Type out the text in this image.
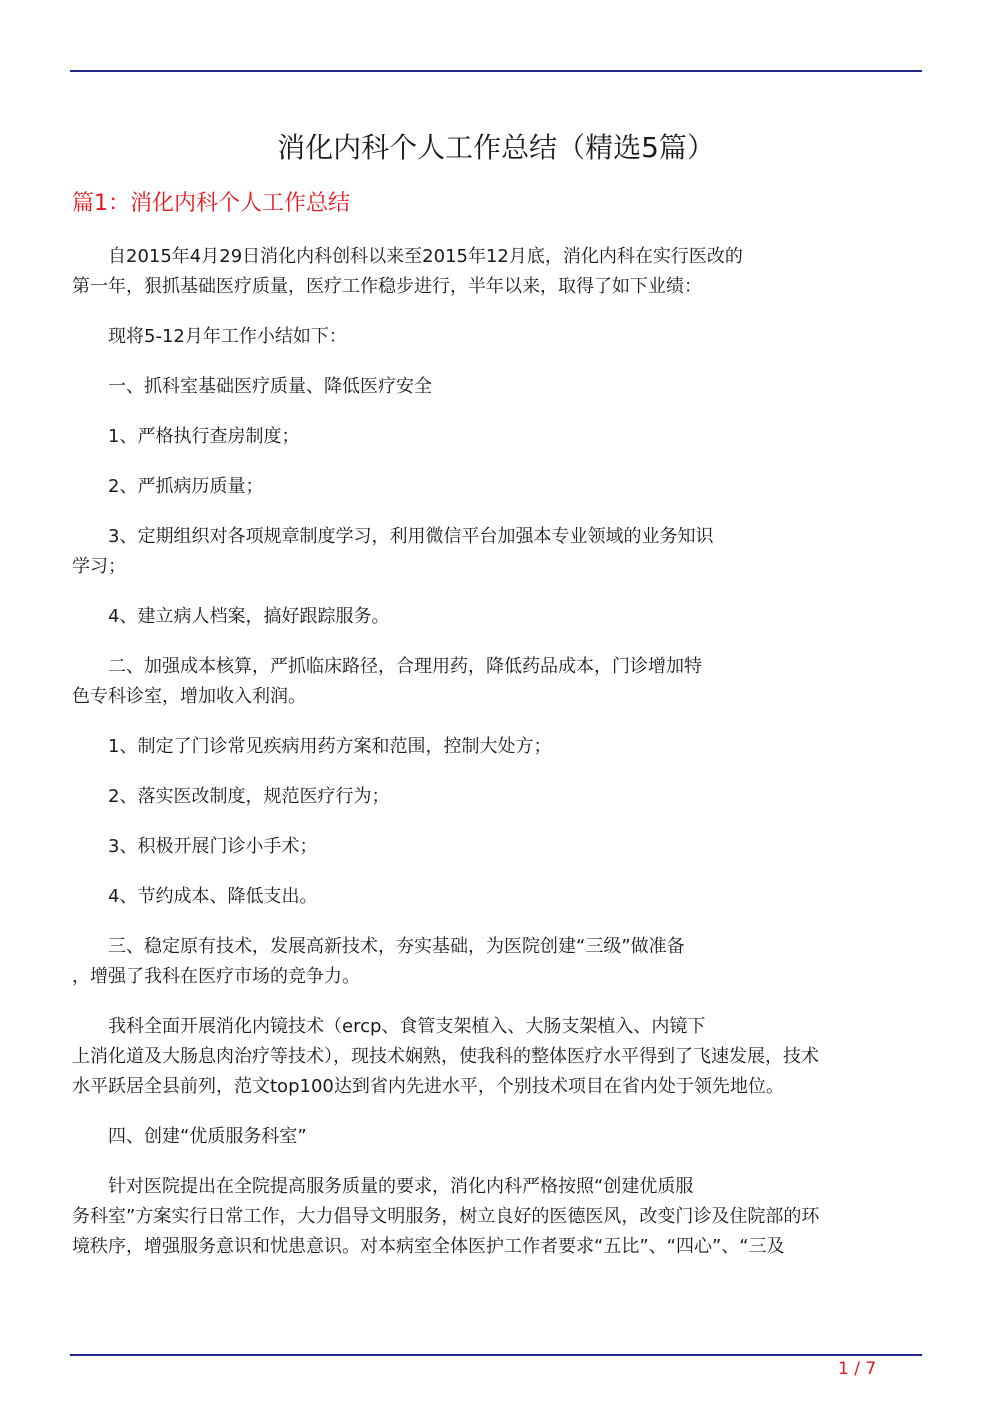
消化内科个人工作总结（精选5篇）
篇1：消化内科个人工作总结

自2015年4月29日消化内科创科以来至2015年12月底，消化内科在实行医改的
第一年，狠抓基础医疗质量，医疗工作稳步进行，半年以来，取得了如下业绩：

现将5-12月年工作小结如下：

一、抓科室基础医疗质量、降低医疗安全

1、严格执行查房制度；

2、严抓病历质量；

3、定期组织对各项规章制度学习，利用微信平台加强本专业领域的业务知识
学习；

4、建立病人档案，搞好跟踪服务。

二、加强成本核算，严抓临床路径，合理用药，降低药品成本，门诊增加特
色专科诊室，增加收入利润。

1、制定了门诊常见疾病用药方案和范围，控制大处方；

2、落实医改制度，规范医疗行为；

3、积极开展门诊小手术；

4、节约成本、降低支出。

三、稳定原有技术，发展高新技术，夯实基础，为医院创建“三级”做准备
，增强了我科在医疗市场的竞争力。

我科全面开展消化内镜技术（ercp、食管支架植入、大肠支架植入、内镜下
上消化道及大肠息肉治疗等技术），现技术娴熟，使我科的整体医疗水平得到了飞速发展，技术
水平跃居全县前列，范文top100达到省内先进水平，个别技术项目在省内处于领先地位。

四、创建“优质服务科室”

针对医院提出在全院提高服务质量的要求，消化内科严格按照“创建优质服
务科室”方案实行日常工作，大力倡导文明服务，树立良好的医德医风，改变门诊及住院部的环
境秩序，增强服务意识和忧患意识。对本病室全体医护工作者要求“五比”、“四心”、“三及

1 / 7
